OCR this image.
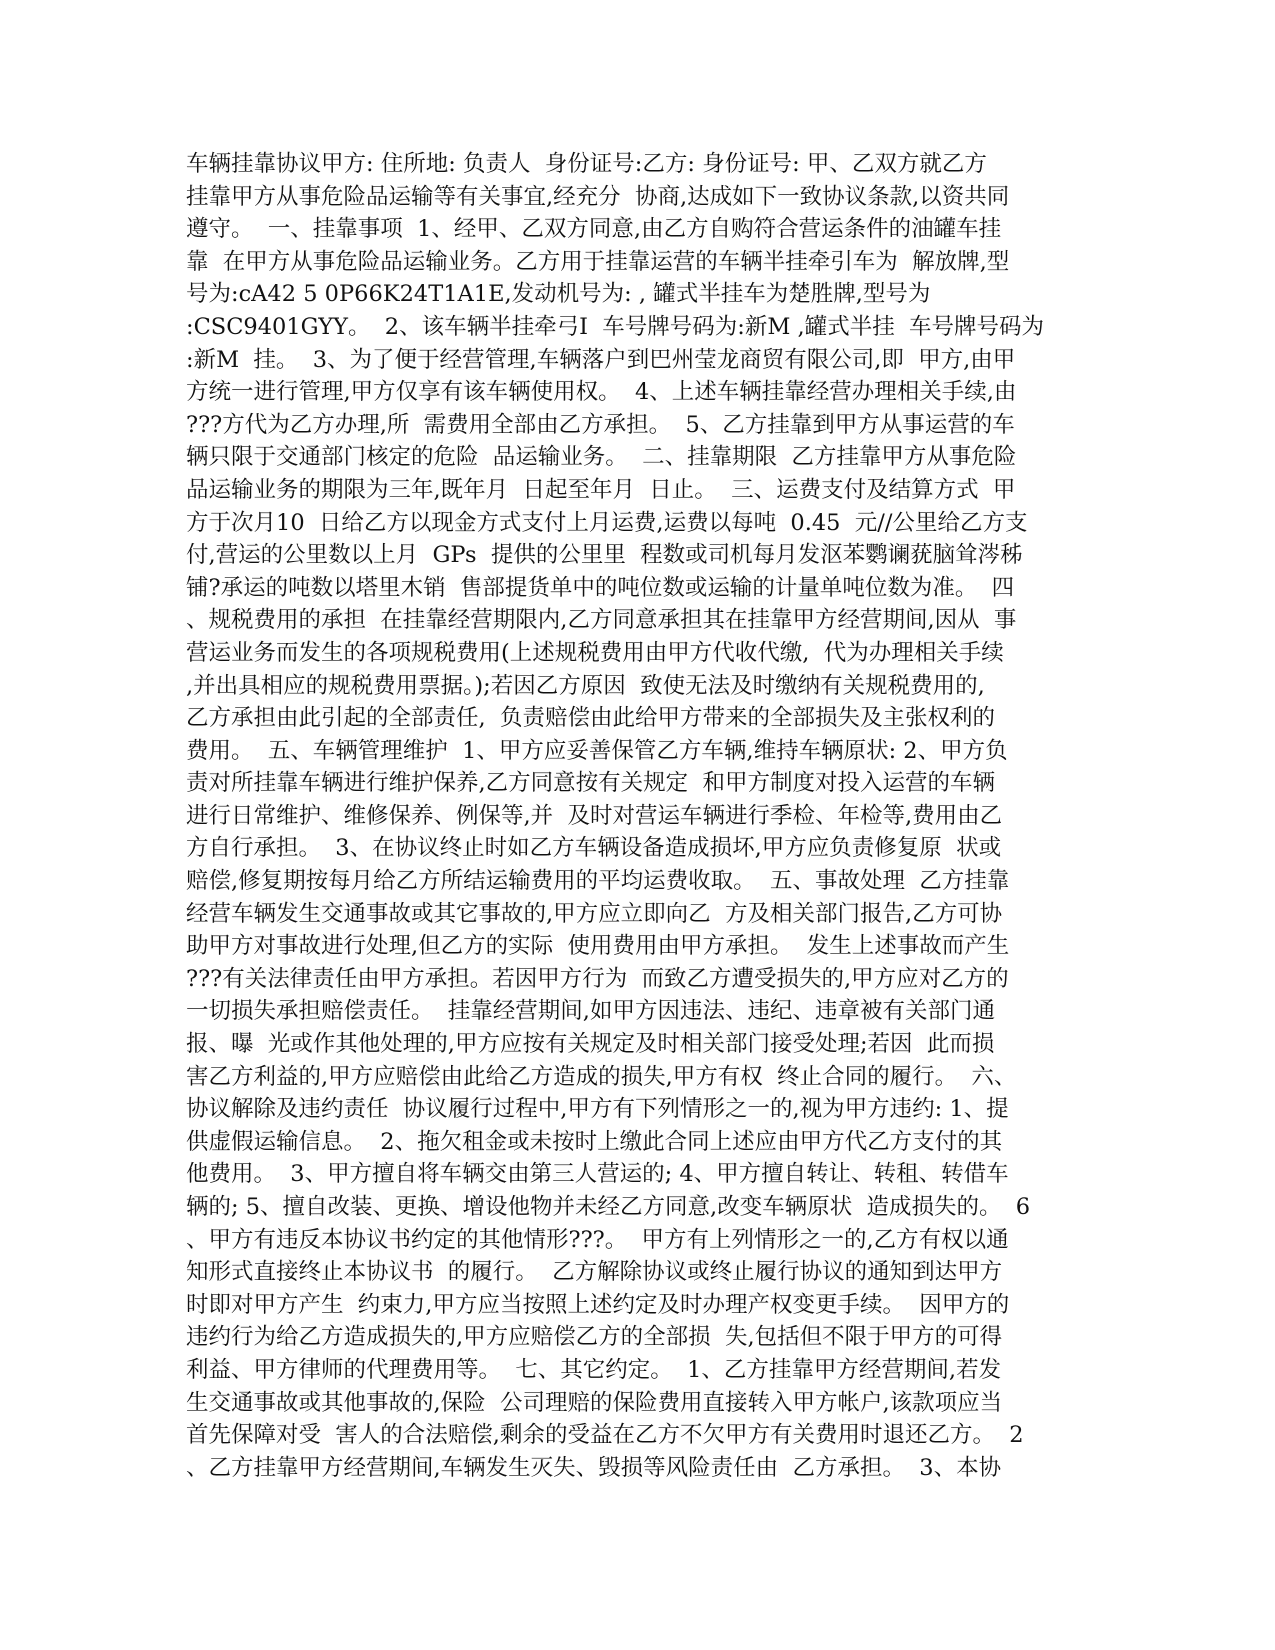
车辆挂靠协议甲方: 住所地: 负责人  身份证号:乙方: 身份证号: 甲、乙双方就乙方
挂靠甲方从事危险品运输等有关事宜,经充分  协商,达成如下一致协议条款,以资共同
遵守。  一、挂靠事项  1、经甲、乙双方同意,由乙方自购符合营运条件的油罐车挂
靠  在甲方从事危险品运输业务。乙方用于挂靠运营的车辆半挂牵引车为  解放牌,型
号为:cA42 5 0P66K24T1A1E,发动机号为: , 罐式半挂车为楚胜牌,型号为
:CSC9401GYY。  2、该车辆半挂牵弓I  车号牌号码为:新M ,罐式半挂  车号牌号码为
:新M  挂。  3、为了便于经营管理,车辆落户到巴州莹龙商贸有限公司,即  甲方,由甲
方统一进行管理,甲方仅享有该车辆使用权。  4、上述车辆挂靠经营办理相关手续,由
???方代为乙方办理,所  需费用全部由乙方承担。  5、乙方挂靠到甲方从事运营的车
辆只限于交通部门核定的危险  品运输业务。  二、挂靠期限  乙方挂靠甲方从事危险
品运输业务的期限为三年,既年月  日起至年月  日止。  三、运费支付及结算方式  甲
方于次月10  日给乙方以现金方式支付上月运费,运费以每吨  0.45  元//公里给乙方支
付,营运的公里数以上月  GPs  提供的公里里  程数或司机每月发沤苯鹦谰莸脑耸涔秭
铺?承运的吨数以塔里木销  售部提货单中的吨位数或运输的计量单吨位数为准。  四
、规税费用的承担  在挂靠经营期限内,乙方同意承担其在挂靠甲方经营期间,因从  事
营运业务而发生的各项规税费用(上述规税费用由甲方代收代缴,  代为办理相关手续
,并出具相应的规税费用票据。);若因乙方原因  致使无法及时缴纳有关规税费用的,
乙方承担由此引起的全部责任,  负责赔偿由此给甲方带来的全部损失及主张权利的
费用。  五、车辆管理维护  1、甲方应妥善保管乙方车辆,维持车辆原状: 2、甲方负
责对所挂靠车辆进行维护保养,乙方同意按有关规定  和甲方制度对投入运营的车辆
进行日常维护、维修保养、例保等,并  及时对营运车辆进行季检、年检等,费用由乙
方自行承担。  3、在协议终止时如乙方车辆设备造成损坏,甲方应负责修复原  状或
赔偿,修复期按每月给乙方所结运输费用的平均运费收取。  五、事故处理  乙方挂靠
经营车辆发生交通事故或其它事故的,甲方应立即向乙  方及相关部门报告,乙方可协
助甲方对事故进行处理,但乙方的实际  使用费用由甲方承担。  发生上述事故而产生
???有关法律责任由甲方承担。若因甲方行为  而致乙方遭受损失的,甲方应对乙方的
一切损失承担赔偿责任。  挂靠经营期间,如甲方因违法、违纪、违章被有关部门通
报、曝  光或作其他处理的,甲方应按有关规定及时相关部门接受处理;若因  此而损
害乙方利益的,甲方应赔偿由此给乙方造成的损失,甲方有权  终止合同的履行。  六、
协议解除及违约责任  协议履行过程中,甲方有下列情形之一的,视为甲方违约: 1、提
供虚假运输信息。  2、拖欠租金或未按时上缴此合同上述应由甲方代乙方支付的其
他费用。  3、甲方擅自将车辆交由第三人营运的; 4、甲方擅自转让、转租、转借车
辆的; 5、擅自改装、更换、增设他物并未经乙方同意,改变车辆原状  造成损失的。  6
、甲方有违反本协议书约定的其他情形???。  甲方有上列情形之一的,乙方有权以通
知形式直接终止本协议书  的履行。  乙方解除协议或终止履行协议的通知到达甲方
时即对甲方产生  约束力,甲方应当按照上述约定及时办理产权变更手续。  因甲方的
违约行为给乙方造成损失的,甲方应赔偿乙方的全部损  失,包括但不限于甲方的可得
利益、甲方律师的代理费用等。  七、其它约定。  1、乙方挂靠甲方经营期间,若发
生交通事故或其他事故的,保险  公司理赔的保险费用直接转入甲方帐户,该款项应当
首先保障对受  害人的合法赔偿,剩余的受益在乙方不欠甲方有关费用时退还乙方。  2
、乙方挂靠甲方经营期间,车辆发生灭失、毁损等风险责任由  乙方承担。  3、本协
